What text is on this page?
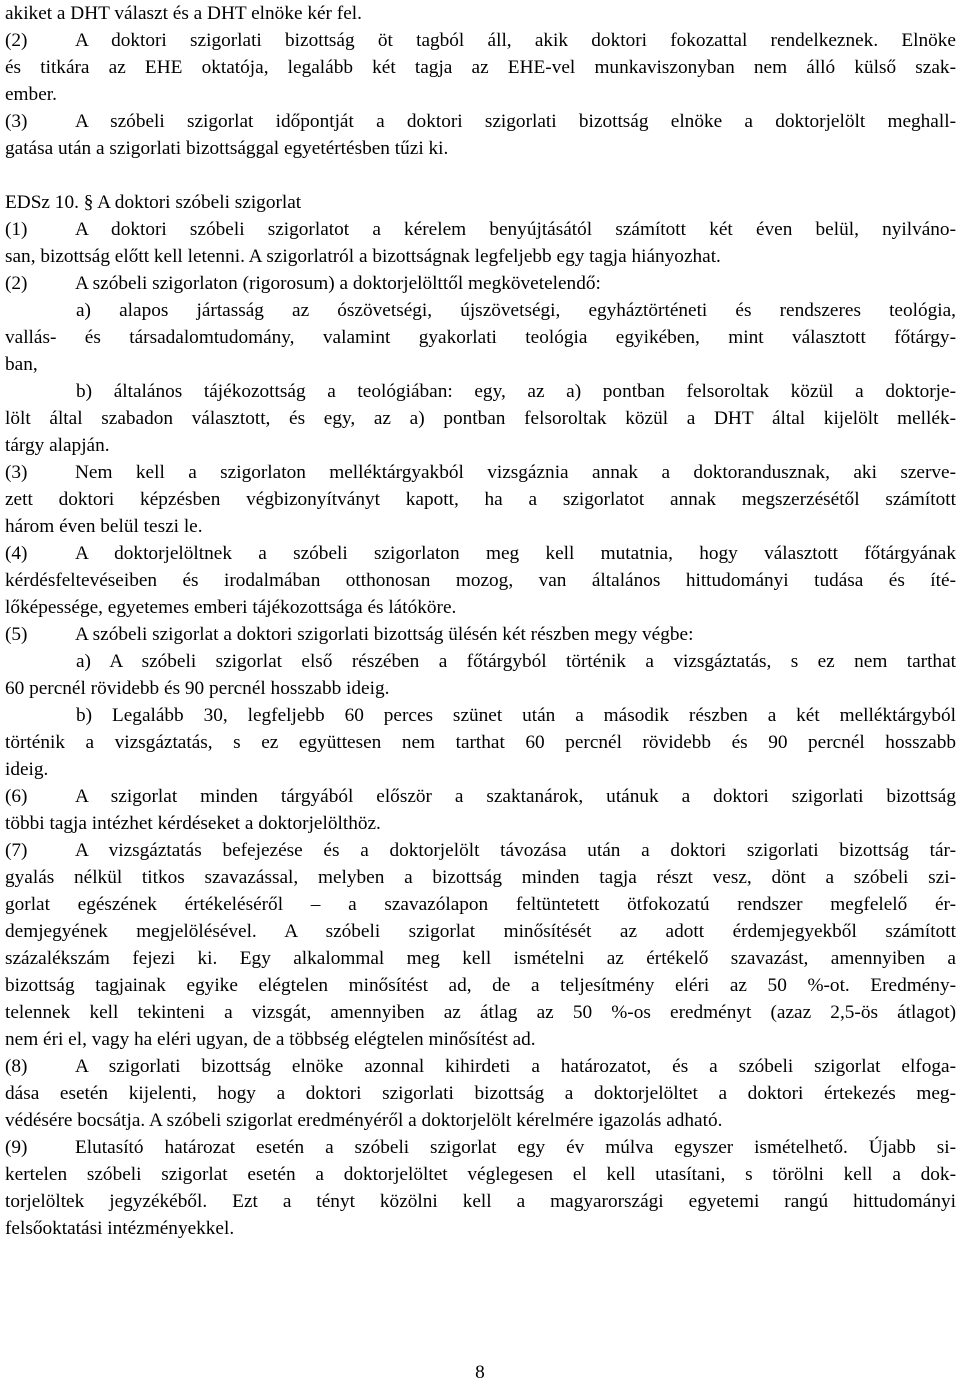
akiket a DHT választ és a DHT elnöke kér fel.
(2) A doktori szigorlati bizottság öt tagból áll, akik doktori fokozattal rendelkeznek. Elnöke
és titkára az EHE oktatója, legalább két tagja az EHE-vel munkaviszonyban nem álló külső szak-
ember.
(3) A szóbeli szigorlat időpontját a doktori szigorlati bizottság elnöke a doktorjelölt meghall-
gatása után a szigorlati bizottsággal egyetértésben tűzi ki.
EDSz 10. § A doktori szóbeli szigorlat
(1) A doktori szóbeli szigorlatot a kérelem benyújtásától számított két éven belül, nyilváno-
san, bizottság előtt kell letenni. A szigorlatról a bizottságnak legfeljebb egy tagja hiányozhat.
(2) A szóbeli szigorlaton (rigorosum) a doktorjelölttől megkövetelendő:
a) alapos jártasság az ószövetségi, újszövetségi, egyháztörténeti és rendszeres teológia,
vallás- és társadalomtudomány, valamint gyakorlati teológia egyikében, mint választott főtárgy-
ban,
b) általános tájékozottság a teológiában: egy, az a) pontban felsoroltak közül a doktorje-
lölt által szabadon választott, és egy, az a) pontban felsoroltak közül a DHT által kijelölt mellék-
tárgy alapján.
(3) Nem kell a szigorlaton melléktárgyakból vizsgáznia annak a doktorandusznak, aki szerve-
zett doktori képzésben végbizonyítványt kapott, ha a szigorlatot annak megszerzésétől számított
három éven belül teszi le.
(4) A doktorjelöltnek a szóbeli szigorlaton meg kell mutatnia, hogy választott főtárgyának
kérdésfeltevéseiben és irodalmában otthonosan mozog, van általános hittudományi tudása és íté-
lőképessége, egyetemes emberi tájékozottsága és látóköre.
(5) A szóbeli szigorlat a doktori szigorlati bizottság ülésén két részben megy végbe:
a) A szóbeli szigorlat első részében a főtárgyból történik a vizsgáztatás, s ez nem tarthat
60 percnél rövidebb és 90 percnél hosszabb ideig.
b) Legalább 30, legfeljebb 60 perces szünet után a második részben a két melléktárgyból
történik a vizsgáztatás, s ez együttesen nem tarthat 60 percnél rövidebb és 90 percnél hosszabb
ideig.
(6) A szigorlat minden tárgyából először a szaktanárok, utánuk a doktori szigorlati bizottság
többi tagja intézhet kérdéseket a doktorjelölthöz.
(7) A vizsgáztatás befejezése és a doktorjelölt távozása után a doktori szigorlati bizottság tár-
gyalás nélkül titkos szavazással, melyben a bizottság minden tagja részt vesz, dönt a szóbeli szi-
gorlat egészének értékeléséről – a szavazólapon feltüntetett ötfokozatú rendszer megfelelő ér-
demjegyének megjelölésével. A szóbeli szigorlat minősítését az adott érdemjegyekből számított
százalékszám fejezi ki. Egy alkalommal meg kell ismételni az értékelő szavazást, amennyiben a
bizottság tagjainak egyike elégtelen minősítést ad, de a teljesítmény eléri az 50 %-ot. Eredmény-
telennek kell tekinteni a vizsgát, amennyiben az átlag az 50 %-os eredményt (azaz 2,5-ös átlagot)
nem éri el, vagy ha eléri ugyan, de a többség elégtelen minősítést ad.
(8) A szigorlati bizottság elnöke azonnal kihirdeti a határozatot, és a szóbeli szigorlat elfoga-
dása esetén kijelenti, hogy a doktori szigorlati bizottság a doktorjelöltet a doktori értekezés meg-
védésére bocsátja. A szóbeli szigorlat eredményéről a doktorjelölt kérelmére igazolás adható.
(9) Elutasító határozat esetén a szóbeli szigorlat egy év múlva egyszer ismételhető. Újabb si-
kertelen szóbeli szigorlat esetén a doktorjelöltet véglegesen el kell utasítani, s törölni kell a dok-
torjelöltek jegyzékéből. Ezt a tényt közölni kell a magyarországi egyetemi rangú hittudományi
felsőoktatási intézményekkel.
8
